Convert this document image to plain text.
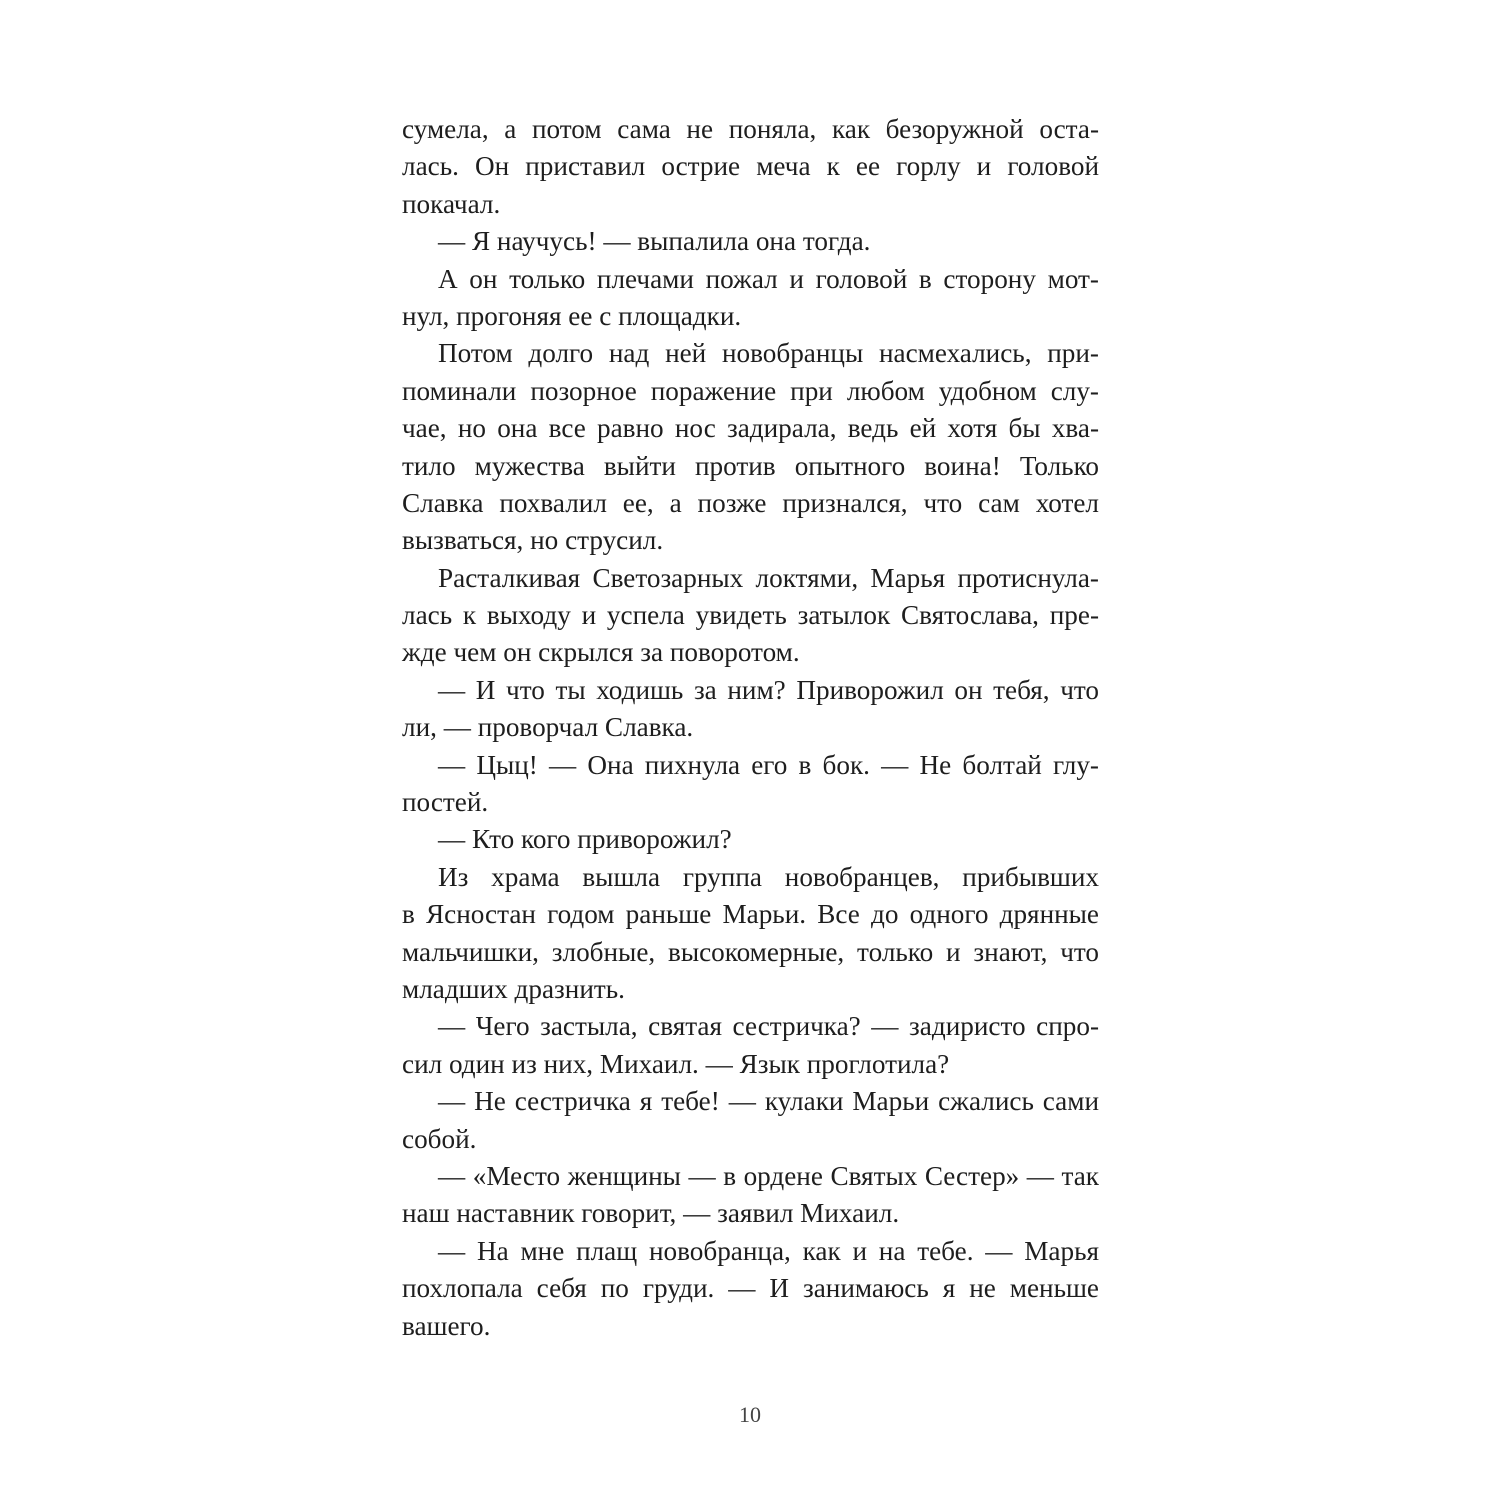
сумела, а потом сама не поняла, как безоружной оста-
лась. Он приставил острие меча к ее горлу и головой
покачал.
— Я научусь! — выпалила она тогда.
А он только плечами пожал и головой в сторону мот-
нул, прогоняя ее с площадки.
Потом долго над ней новобранцы насмехались, при-
поминали позорное поражение при любом удобном слу-
чае, но она все равно нос задирала, ведь ей хотя бы хва-
тило мужества выйти против опытного воина! Только
Славка похвалил ее, а позже признался, что сам хотел
вызваться, но струсил.
Расталкивая Светозарных локтями, Марья протиснула-
лась к выходу и успела увидеть затылок Святослава, пре-
жде чем он скрылся за поворотом.
— И что ты ходишь за ним? Приворожил он тебя, что
ли, — проворчал Славка.
— Цыц! — Она пихнула его в бок. — Не болтай глу-
постей.
— Кто кого приворожил?
Из храма вышла группа новобранцев, прибывших
в Ясностан годом раньше Марьи. Все до одного дрянные
мальчишки, злобные, высокомерные, только и знают, что
младших дразнить.
— Чего застыла, святая сестричка? — задиристо спро-
сил один из них, Михаил. — Язык проглотила?
— Не сестричка я тебе! — кулаки Марьи сжались сами
собой.
— «Место женщины — в ордене Святых Сестер» — так
наш наставник говорит, — заявил Михаил.
— На мне плащ новобранца, как и на тебе. — Марья
похлопала себя по груди. — И занимаюсь я не меньше
вашего.
10
